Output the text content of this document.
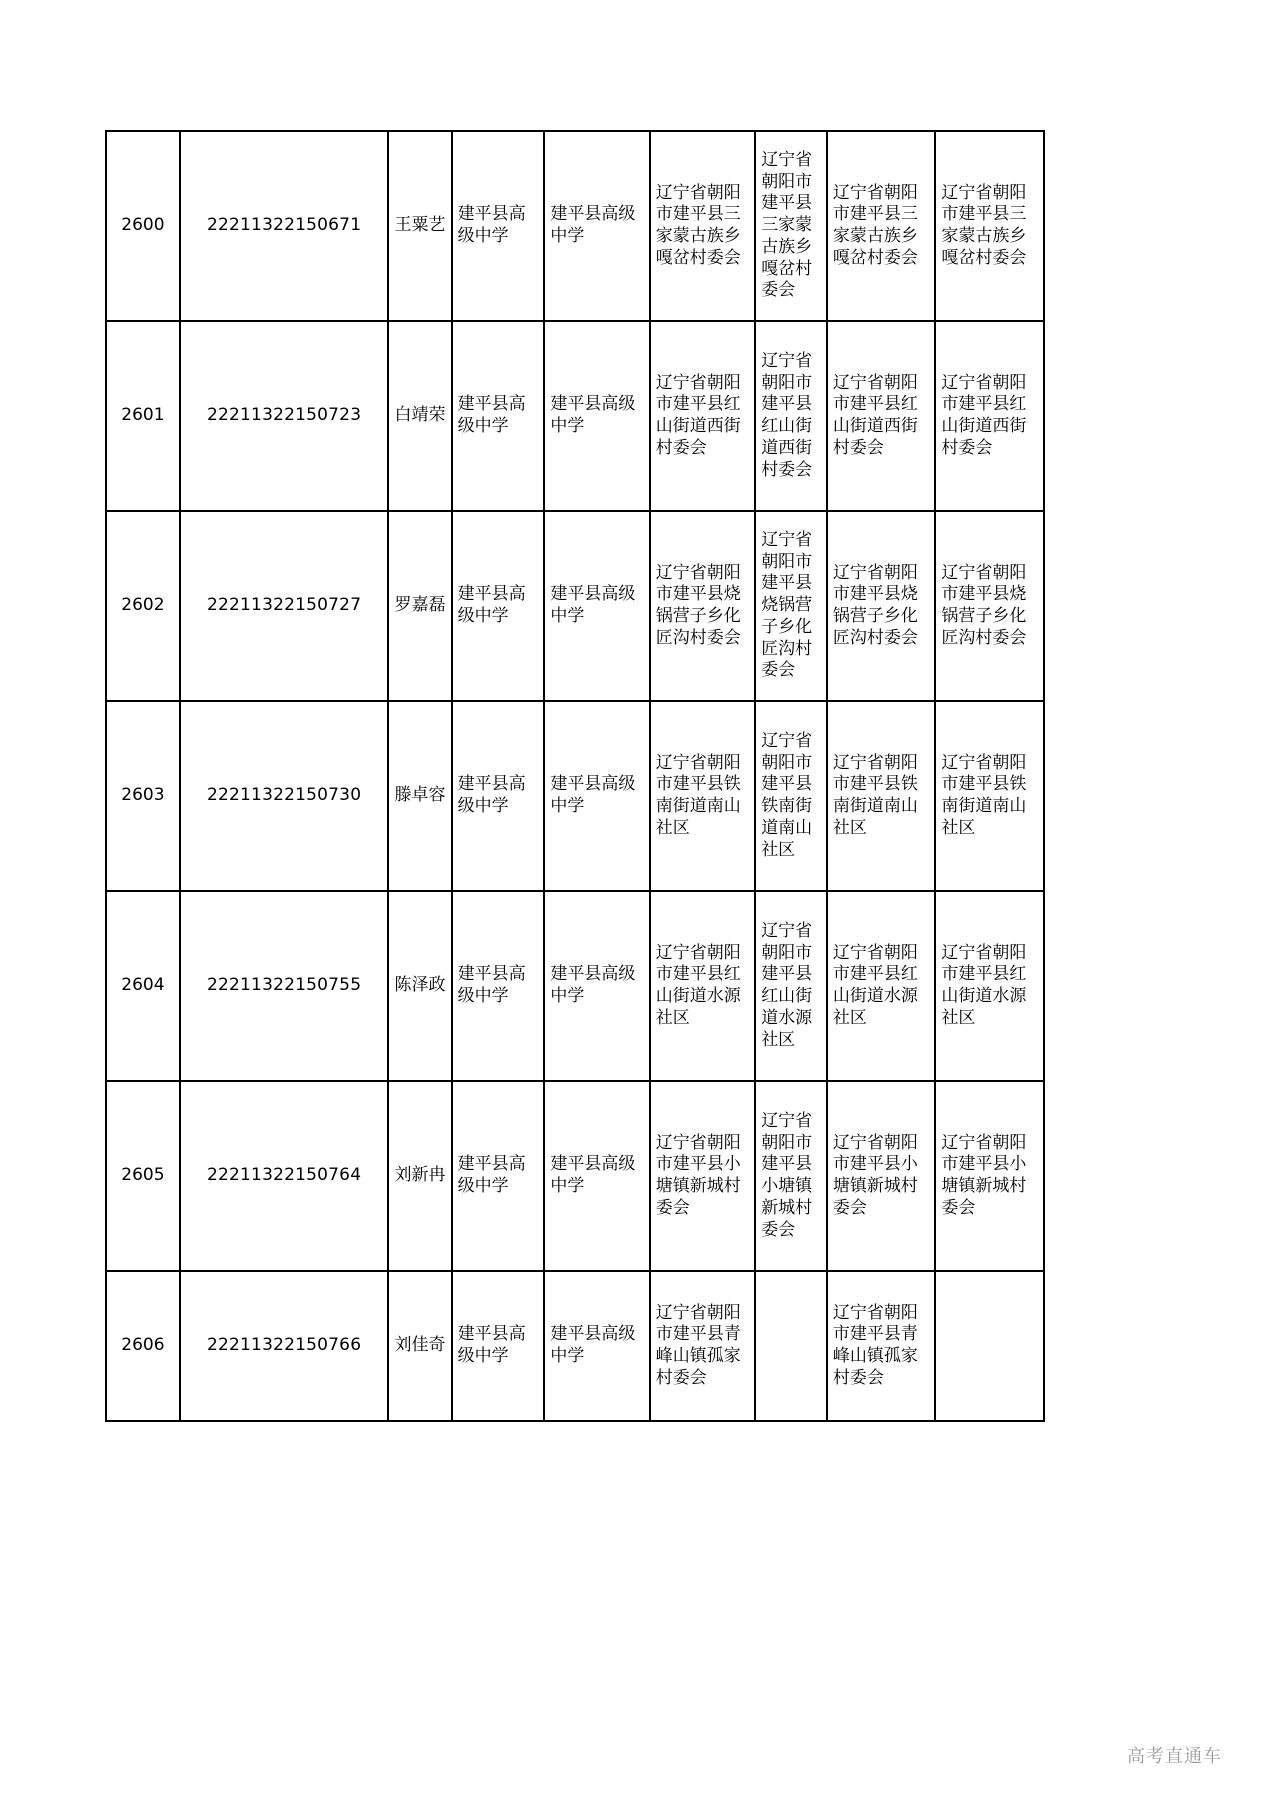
2600	22211322150671	王粟艺	建平县高级中学	建平县高级中学	辽宁省朝阳市建平县三家蒙古族乡嘎岔村委会	辽宁省朝阳市建平县三家蒙古族乡嘎岔村委会	辽宁省朝阳市建平县三家蒙古族乡嘎岔村委会	辽宁省朝阳市建平县三家蒙古族乡嘎岔村委会
2601	22211322150723	白靖荣	建平县高级中学	建平县高级中学	辽宁省朝阳市建平县红山街道西街村委会	辽宁省朝阳市建平县红山街道西街村委会	辽宁省朝阳市建平县红山街道西街村委会	辽宁省朝阳市建平县红山街道西街村委会
2602	22211322150727	罗嘉磊	建平县高级中学	建平县高级中学	辽宁省朝阳市建平县烧锅营子乡化匠沟村委会	辽宁省朝阳市建平县烧锅营子乡化匠沟村委会	辽宁省朝阳市建平县烧锅营子乡化匠沟村委会	辽宁省朝阳市建平县烧锅营子乡化匠沟村委会
2603	22211322150730	滕卓容	建平县高级中学	建平县高级中学	辽宁省朝阳市建平县铁南街道南山社区	辽宁省朝阳市建平县铁南街道南山社区	辽宁省朝阳市建平县铁南街道南山社区	辽宁省朝阳市建平县铁南街道南山社区
2604	22211322150755	陈泽政	建平县高级中学	建平县高级中学	辽宁省朝阳市建平县红山街道水源社区	辽宁省朝阳市建平县红山街道水源社区	辽宁省朝阳市建平县红山街道水源社区	辽宁省朝阳市建平县红山街道水源社区
2605	22211322150764	刘新冉	建平县高级中学	建平县高级中学	辽宁省朝阳市建平县小塘镇新城村委会	辽宁省朝阳市建平县小塘镇新城村委会	辽宁省朝阳市建平县小塘镇新城村委会	辽宁省朝阳市建平县小塘镇新城村委会
2606	22211322150766	刘佳奇	建平县高级中学	建平县高级中学	辽宁省朝阳市建平县青峰山镇孤家村委会		辽宁省朝阳市建平县青峰山镇孤家村委会	
高考直通车
